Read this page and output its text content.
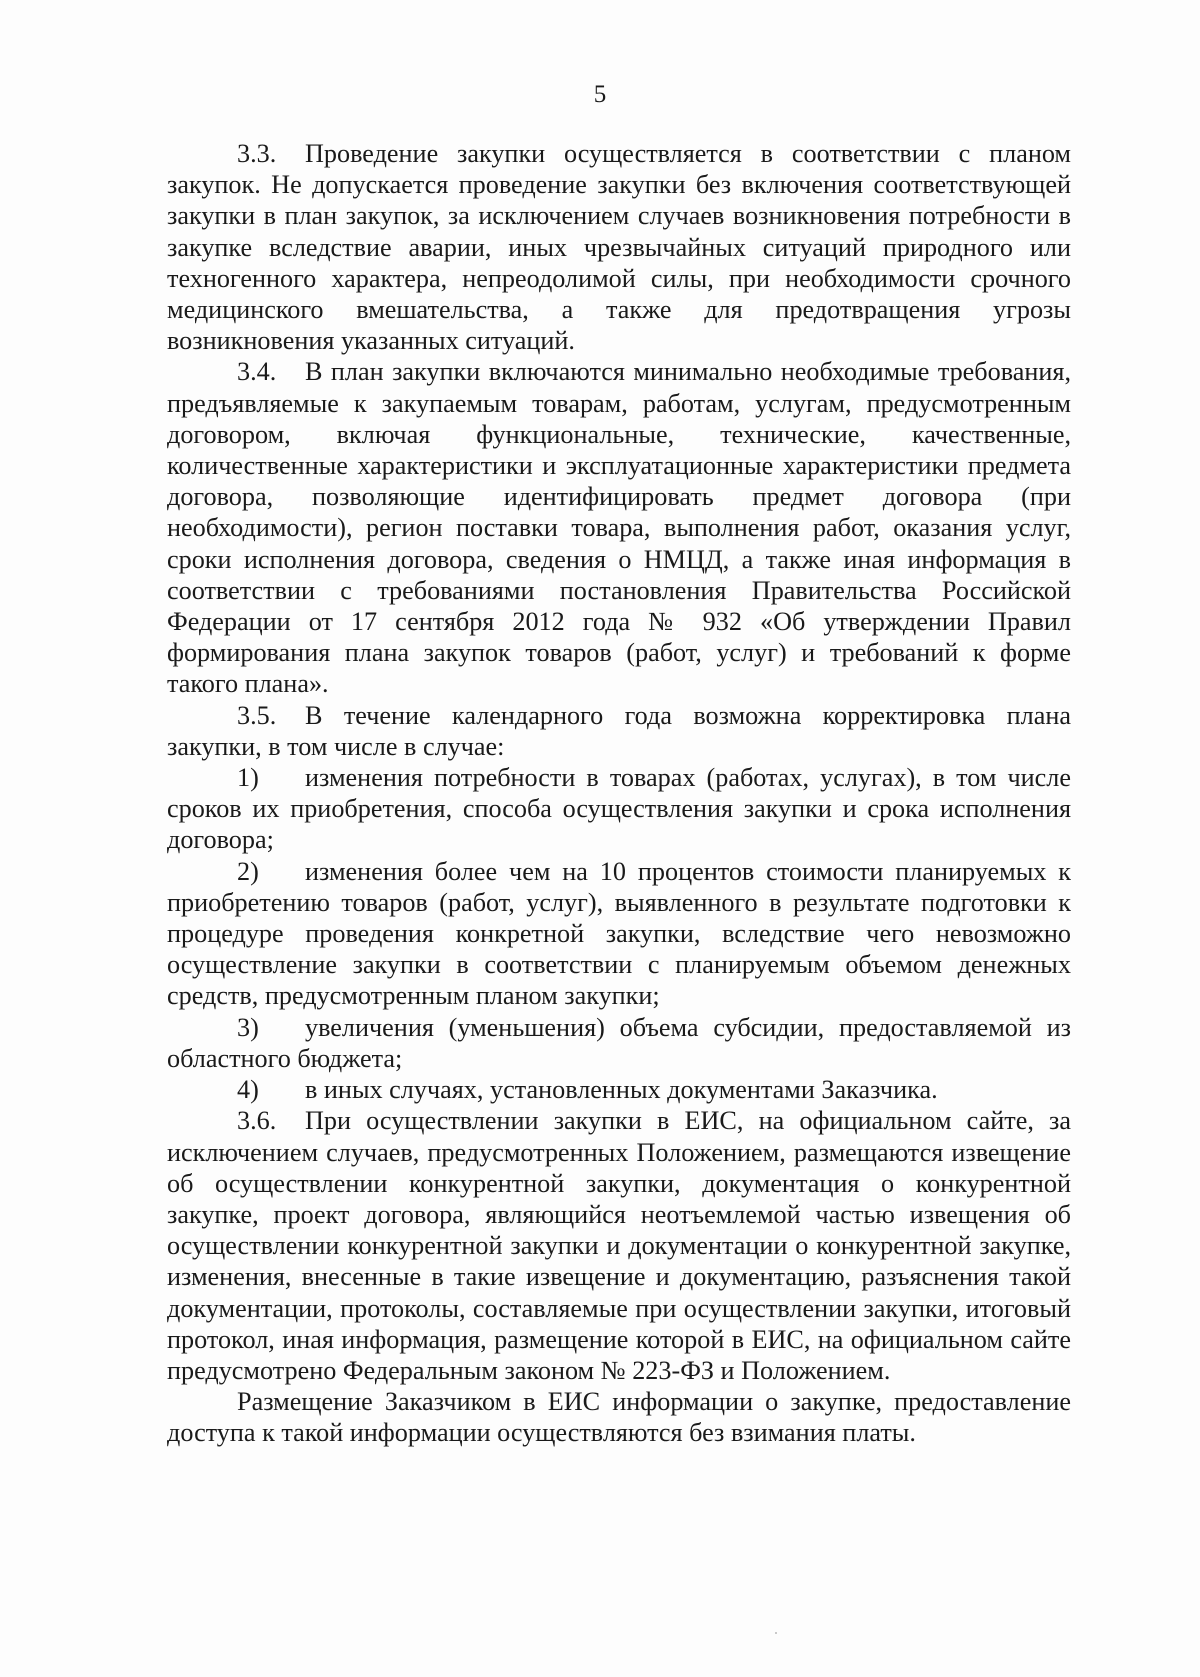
5

3.3. Проведение закупки осуществляется в соответствии с планом закупок. Не допускается проведение закупки без включения соответствующей закупки в план закупок, за исключением случаев возникновения потребности в закупке вследствие аварии, иных чрезвычайных ситуаций природного или техногенного характера, непреодолимой силы, при необходимости срочного медицинского вмешательства, а также для предотвращения угрозы возникновения указанных ситуаций.

3.4. В план закупки включаются минимально необходимые требования, предъявляемые к закупаемым товарам, работам, услугам, предусмотренным договором, включая функциональные, технические, качественные, количественные характеристики и эксплуатационные характеристики предмета договора, позволяющие идентифицировать предмет договора (при необходимости), регион поставки товара, выполнения работ, оказания услуг, сроки исполнения договора, сведения о НМЦД, а также иная информация в соответствии с требованиями постановления Правительства Российской Федерации от 17 сентября 2012 года № 932 «Об утверждении Правил формирования плана закупок товаров (работ, услуг) и требований к форме такого плана».

3.5. В течение календарного года возможна корректировка плана закупки, в том числе в случае:

1) изменения потребности в товарах (работах, услугах), в том числе сроков их приобретения, способа осуществления закупки и срока исполнения договора;

2) изменения более чем на 10 процентов стоимости планируемых к приобретению товаров (работ, услуг), выявленного в результате подготовки к процедуре проведения конкретной закупки, вследствие чего невозможно осуществление закупки в соответствии с планируемым объемом денежных средств, предусмотренным планом закупки;

3) увеличения (уменьшения) объема субсидии, предоставляемой из областного бюджета;

4) в иных случаях, установленных документами Заказчика.

3.6. При осуществлении закупки в ЕИС, на официальном сайте, за исключением случаев, предусмотренных Положением, размещаются извещение об осуществлении конкурентной закупки, документация о конкурентной закупке, проект договора, являющийся неотъемлемой частью извещения об осуществлении конкурентной закупки и документации о конкурентной закупке, изменения, внесенные в такие извещение и документацию, разъяснения такой документации, протоколы, составляемые при осуществлении закупки, итоговый протокол, иная информация, размещение которой в ЕИС, на официальном сайте предусмотрено Федеральным законом № 223-ФЗ и Положением.

Размещение Заказчиком в ЕИС информации о закупке, предоставление доступа к такой информации осуществляются без взимания платы.
